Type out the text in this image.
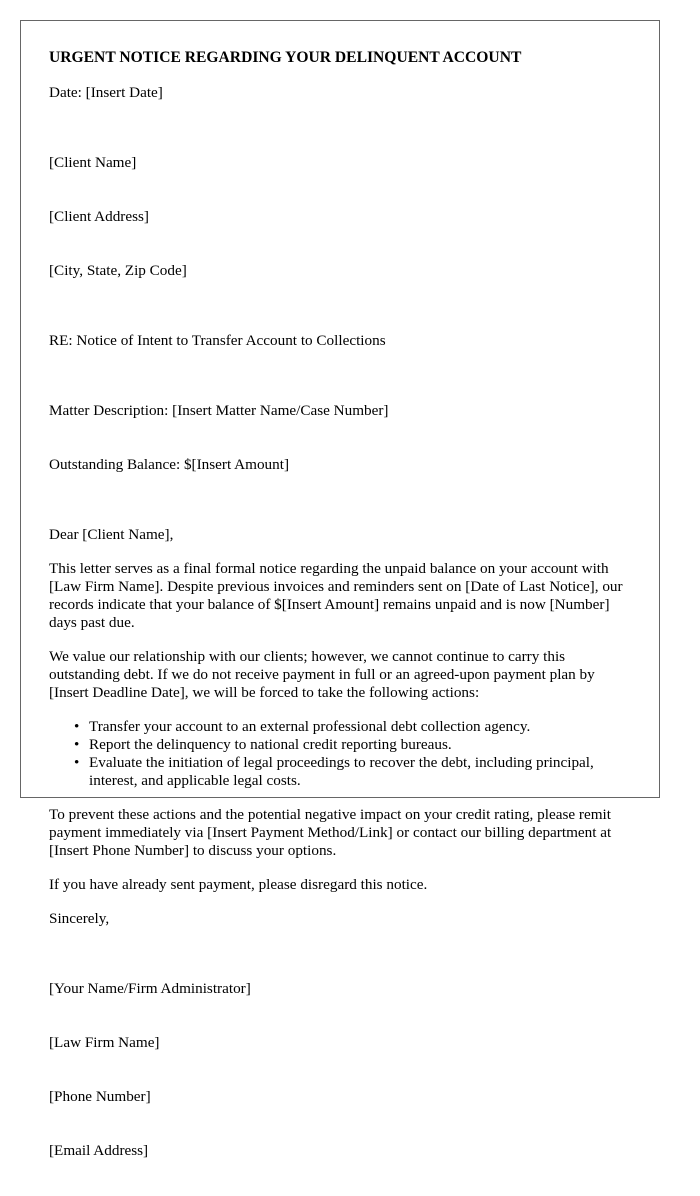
URGENT NOTICE REGARDING YOUR DELINQUENT ACCOUNT
Date: [Insert Date]

[Client Name]

[Client Address]

[City, State, Zip Code]

RE: Notice of Intent to Transfer Account to Collections

Matter Description: [Insert Matter Name/Case Number]

Outstanding Balance: $[Insert Amount]

Dear [Client Name],
This letter serves as a final formal notice regarding the unpaid balance on your account with [Law Firm Name]. Despite previous invoices and reminders sent on [Date of Last Notice], our records indicate that your balance of $[Insert Amount] remains unpaid and is now [Number] days past due.
We value our relationship with our clients; however, we cannot continue to carry this outstanding debt. If we do not receive payment in full or an agreed-upon payment plan by [Insert Deadline Date], we will be forced to take the following actions:
• Transfer your account to an external professional debt collection agency.
• Report the delinquency to national credit reporting bureaus.
• Evaluate the initiation of legal proceedings to recover the debt, including principal, interest, and applicable legal costs.
To prevent these actions and the potential negative impact on your credit rating, please remit payment immediately via [Insert Payment Method/Link] or contact our billing department at [Insert Phone Number] to discuss your options.
If you have already sent payment, please disregard this notice.
Sincerely,

[Your Name/Firm Administrator]

[Law Firm Name]

[Phone Number]

[Email Address]
